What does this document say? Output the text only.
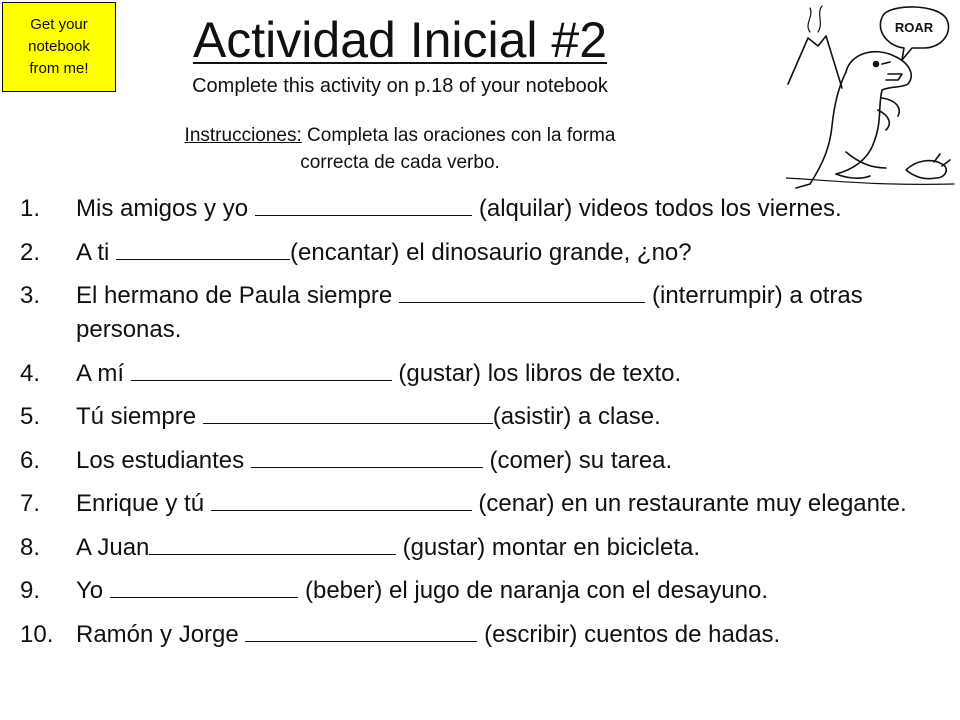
Get your
notebook
from me!
Actividad Inicial #2
Complete this activity on p.18 of your notebook
Instrucciones: Completa las oraciones con la forma
correcta de cada verbo.
ROAR
1. Mis amigos y yo	(alquilar) videos todos los viernes.
2. A ti	(encantar) el dinosaurio grande, ¿no?
3. El hermano de Paula siempre	(interrumpir) a otras personas.
4. A mí	(gustar) los libros de texto.
5. Tú siempre	(asistir) a clase.
6. Los estudiantes	(comer) su tarea.
7. Enrique y tú	(cenar) en un restaurante muy elegante.
8. A Juan	(gustar) montar en bicicleta.
9. Yo	(beber) el jugo de naranja con el desayuno.
10. Ramón y Jorge	(escribir) cuentos de hadas.
